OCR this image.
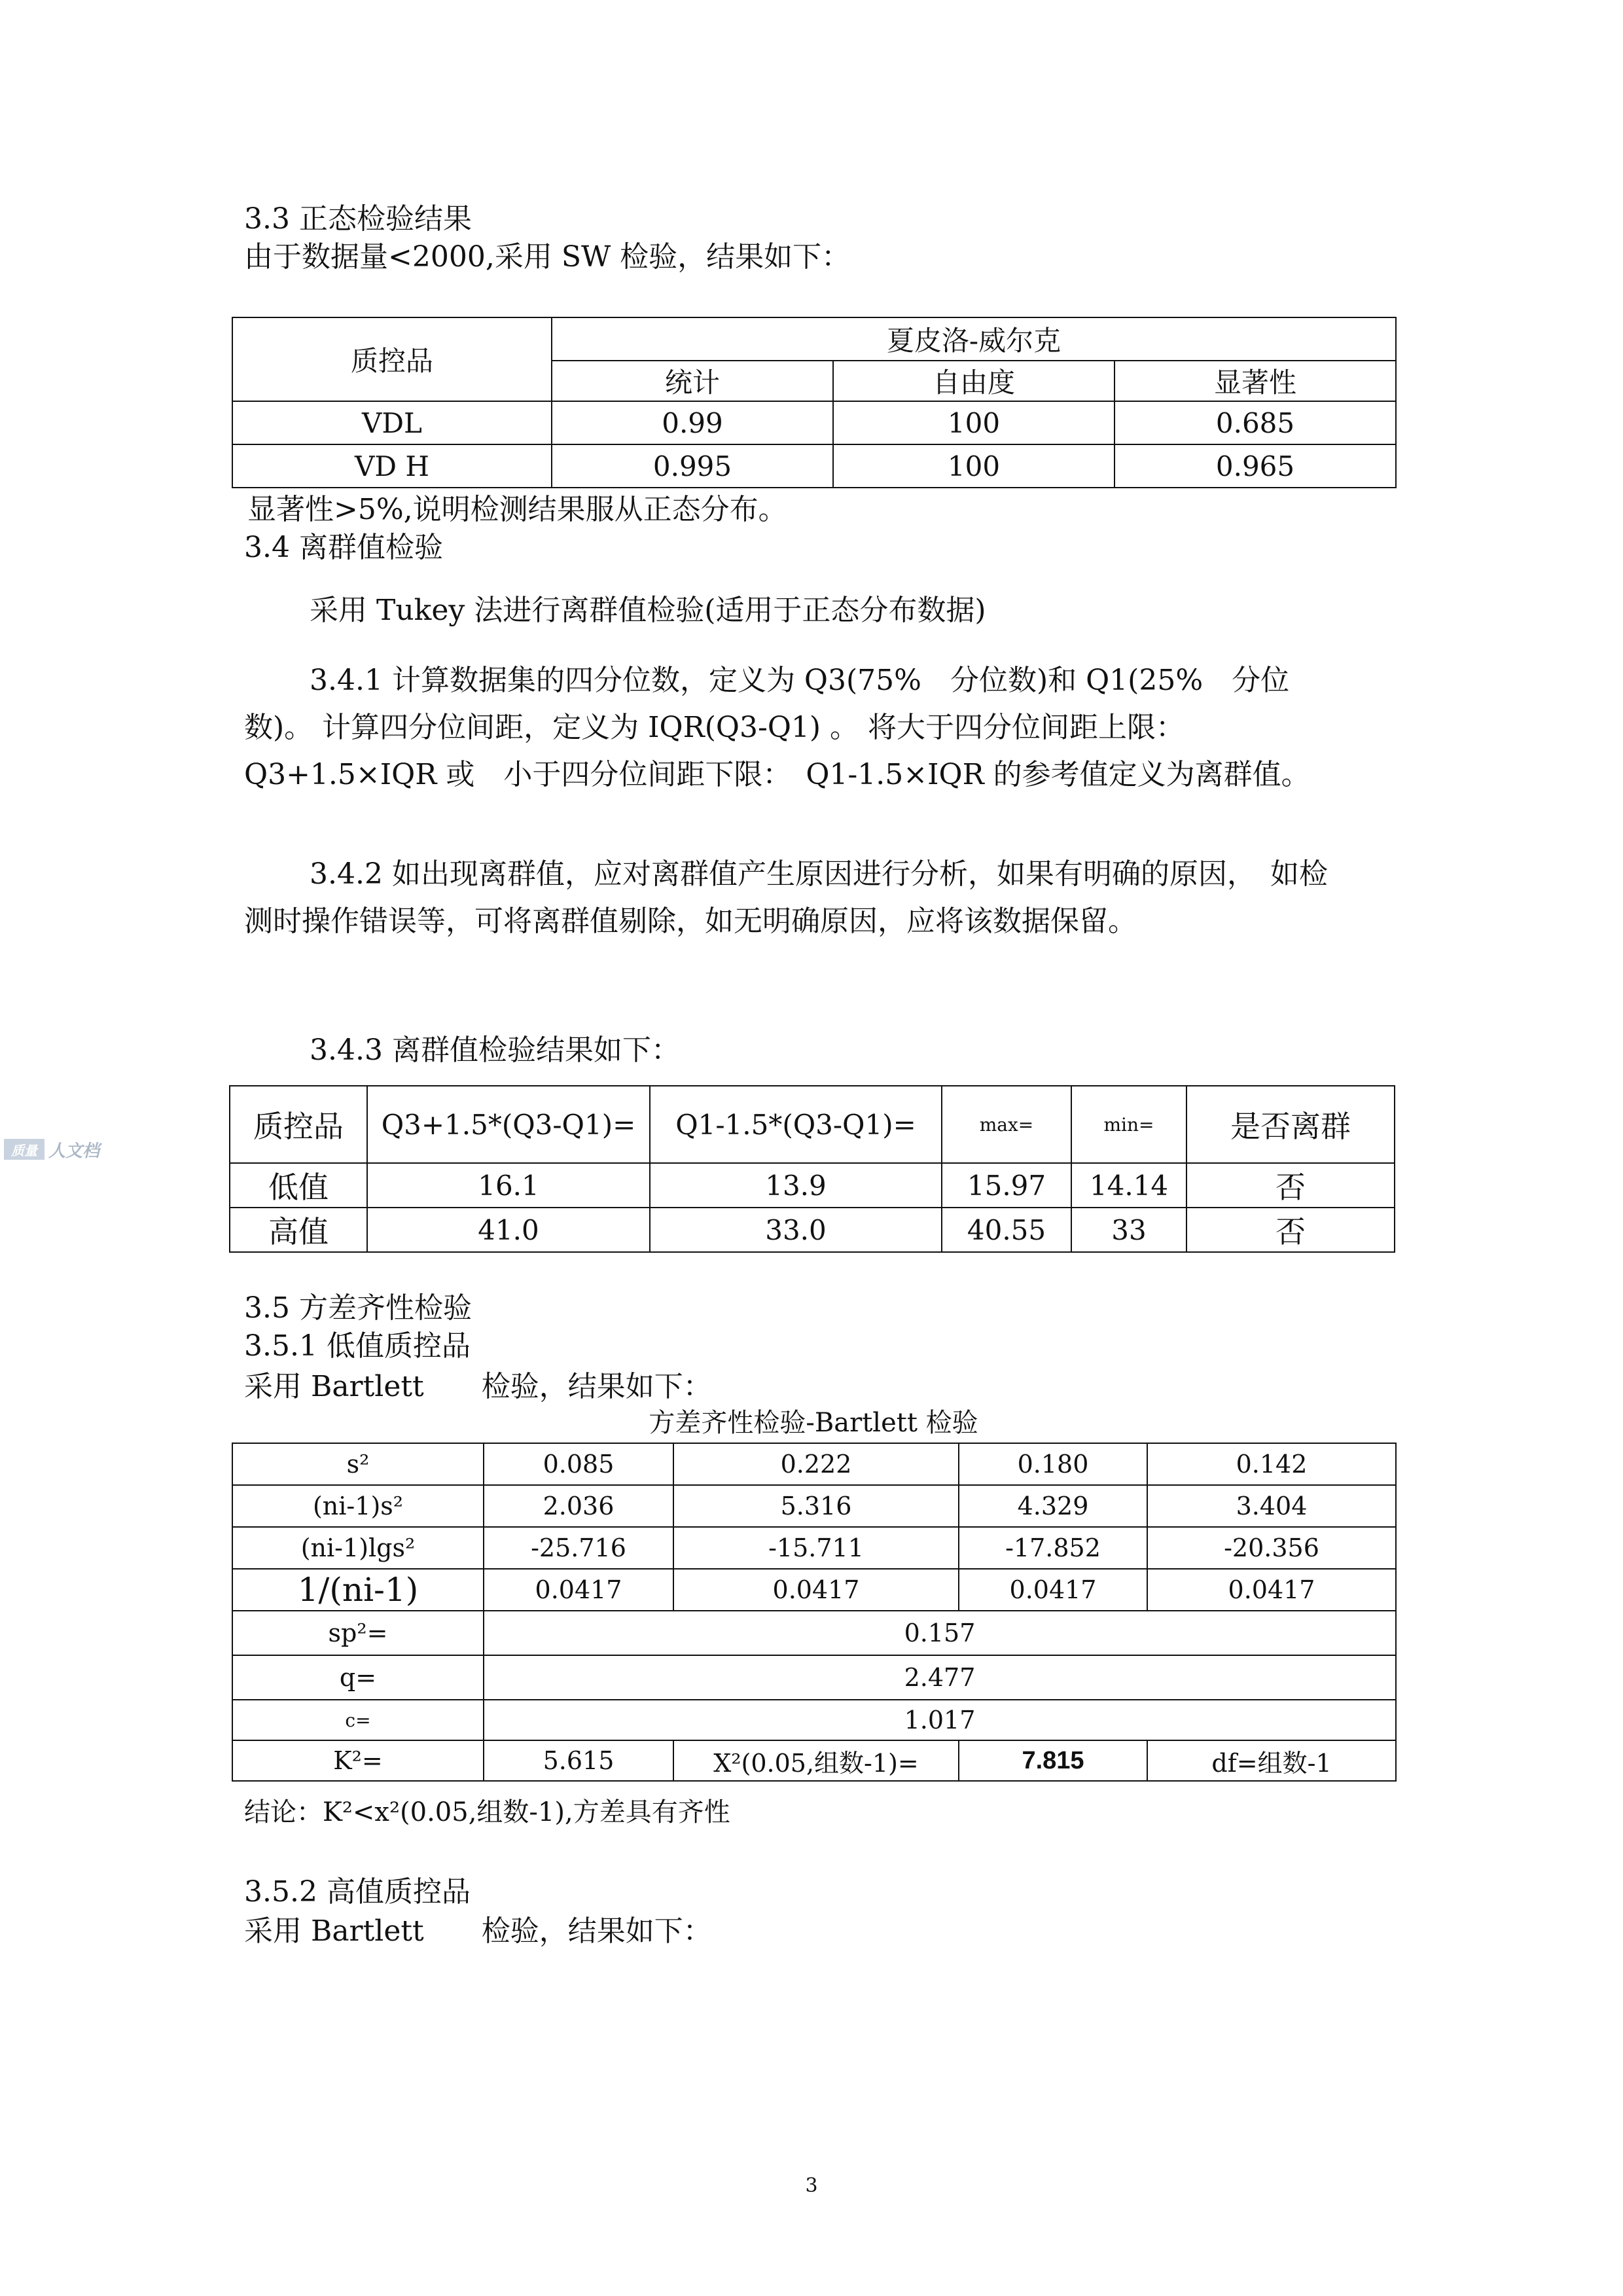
3.3 正态检验结果
由于数据量<2000,采用 SW 检验，结果如下：
质控品	夏皮洛-威尔克		
	统计	自由度	显著性
VDL	0.99	100	0.685
VD H	0.995	100	0.965
显著性>5%,说明检测结果服从正态分布。
3.4 离群值检验
采用 Tukey 法进行离群值检验(适用于正态分布数据)
3.4.1 计算数据集的四分位数，定义为 Q3(75%　分位数)和 Q1(25%　分位数)。 计算四分位间距，定义为 IQR(Q3-Q1) 。 将大于四分位间距上限：Q3+1.5×IQR 或　小于四分位间距下限：　Q1-1.5×IQR 的参考值定义为离群值。
3.4.2 如出现离群值，应对离群值产生原因进行分析，如果有明确的原因，　如检测时操作错误等，可将离群值剔除，如无明确原因，应将该数据保留。
3.4.3 离群值检验结果如下：
质控品	Q3+1.5*(Q3-Q1)=	Q1-1.5*(Q3-Q1)=	max=	min=	是否离群
低值	16.1	13.9	15.97	14.14	否
高值	41.0	33.0	40.55	33	否
3.5 方差齐性检验
3.5.1 低值质控品
采用 Bartlett　　检验，结果如下：
方差齐性检验-Bartlett 检验
s²	0.085	0.222	0.180	0.142
(ni-1)s²	2.036	5.316	4.329	3.404
(ni-1)lgs²	-25.716	-15.711	-17.852	-20.356
1/(ni-1)	0.0417	0.0417	0.0417	0.0417
sp²=	0.157			
q=	2.477			
c=	1.017			
K²=	5.615	X²(0.05,组数-1)=	7.815	df=组数-1
结论：K²<x²(0.05,组数-1),方差具有齐性
3.5.2 高值质控品
采用 Bartlett　　检验，结果如下：
质量 人文档
3
